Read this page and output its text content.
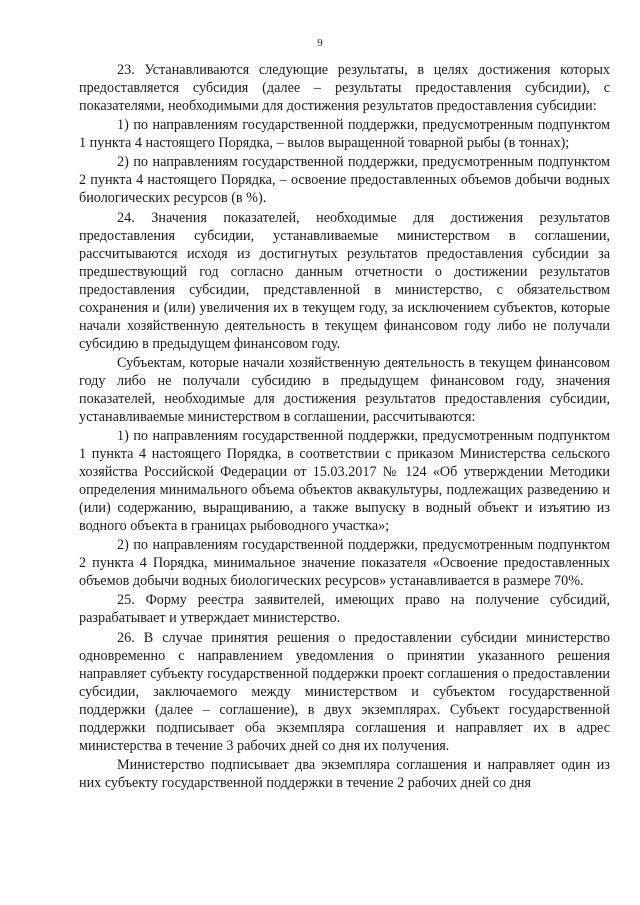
9

23. Устанавливаются следующие результаты, в целях достижения которых предоставляется субсидия (далее – результаты предоставления субсидии), с показателями, необходимыми для достижения результатов предоставления субсидии:

1) по направлениям государственной поддержки, предусмотренным подпунктом 1 пункта 4 настоящего Порядка, – вылов выращенной товарной рыбы (в тоннах);

2) по направлениям государственной поддержки, предусмотренным подпунктом 2 пункта 4 настоящего Порядка, – освоение предоставленных объемов добычи водных биологических ресурсов (в %).

24. Значения показателей, необходимые для достижения результатов предоставления субсидии, устанавливаемые министерством в соглашении, рассчитываются исходя из достигнутых результатов предоставления субсидии за предшествующий год согласно данным отчетности о достижении результатов предоставления субсидии, представленной в министерство, с обязательством сохранения и (или) увеличения их в текущем году, за исключением субъектов, которые начали хозяйственную деятельность в текущем финансовом году либо не получали субсидию в предыдущем финансовом году.

Субъектам, которые начали хозяйственную деятельность в текущем финансовом году либо не получали субсидию в предыдущем финансовом году, значения показателей, необходимые для достижения результатов предоставления субсидии, устанавливаемые министерством в соглашении, рассчитываются:

1) по направлениям государственной поддержки, предусмотренным подпунктом 1 пункта 4 настоящего Порядка, в соответствии с приказом Министерства сельского хозяйства Российской Федерации от 15.03.2017 № 124 «Об утверждении Методики определения минимального объема объектов аквакультуры, подлежащих разведению и (или) содержанию, выращиванию, а также выпуску в водный объект и изъятию из водного объекта в границах рыбоводного участка»;

2) по направлениям государственной поддержки, предусмотренным подпунктом 2 пункта 4 Порядка, минимальное значение показателя «Освоение предоставленных объемов добычи водных биологических ресурсов» устанавливается в размере 70%.

25. Форму реестра заявителей, имеющих право на получение субсидий, разрабатывает и утверждает министерство.

26. В случае принятия решения о предоставлении субсидии министерство одновременно с направлением уведомления о принятии указанного решения направляет субъекту государственной поддержки проект соглашения о предоставлении субсидии, заключаемого между министерством и субъектом государственной поддержки (далее – соглашение), в двух экземплярах. Субъект государственной поддержки подписывает оба экземпляра соглашения и направляет их в адрес министерства в течение 3 рабочих дней со дня их получения.

Министерство подписывает два экземпляра соглашения и направляет один из них субъекту государственной поддержки в течение 2 рабочих дней со дня
